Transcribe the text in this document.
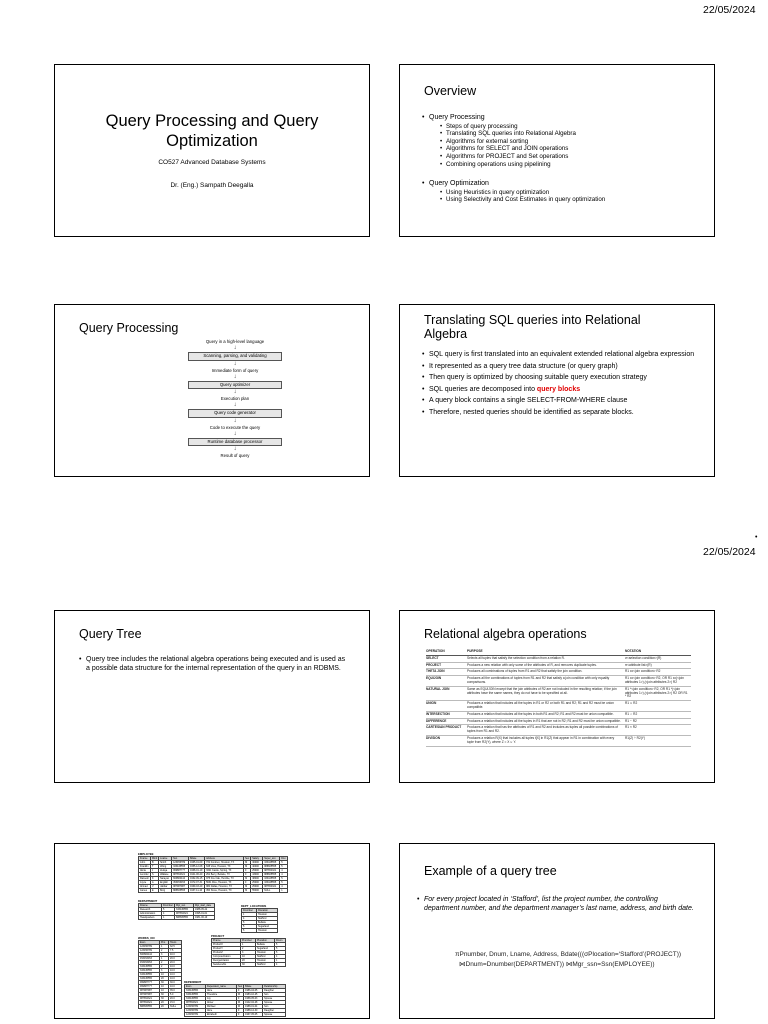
22/05/2024
Query Processing and Query Optimization
CO527 Advanced Database Systems
Dr. (Eng.) Sampath Deegalla
Overview
• Query Processing
• Steps of query processing
• Translating SQL queries into Relational Algebra
• Algorithms for external sorting
• Algorithms for SELECT and JOIN operations
• Algorithms for PROJECT and Set operations
• Combining operations using pipelining
• Query Optimization
• Using Heuristics in query optimization
• Using Selectivity and Cost Estimates in query optimization
Query Processing
Query in a high-level language
↓
Scanning, parsing, and validating
↓
Immediate form of query
↓
Query optimizer
↓
Execution plan
↓
Query code generator
↓
Code to execute the query
↓
Runtime database processor
↓
Result of query
Translating SQL queries into Relational Algebra
• SQL query is first translated into an equivalent extended relational algebra expression
• It represented as a query tree data structure (or query graph)
• Then query is optimized by choosing suitable query execution strategy
• SQL queries are decomposed into query blocks
• A query block contains a single SELECT-FROM-WHERE clause
• Therefore, nested queries should be identified as separate blocks.
•
22/05/2024
Query Tree
• Query tree includes the relational algebra operations being executed and is used as a possible data structure for the internal representation of the query in an RDBMS.
Relational algebra operations
OPERATION	PURPOSE	NOTATION
SELECT	Selects all tuples that satisfy the selection condition from a relation R.	σ<selection condition>(R)
PROJECT	Produces a new relation with only some of the attributes of R, and removes duplicate tuples.	π<attribute list>(R)
THETA JOIN	Produces all combinations of tuples from R1 and R2 that satisfy the join condition.	R1 ⋈<join condition> R2
EQUIJOIN	Produces all the combinations of tuples from R1 and R2 that satisfy a join condition with only equality comparisons.	R1 ⋈<join condition> R2, OR R1 ⋈(<join attributes 1>),(<join attributes 2>) R2
NATURAL JOIN	Same as EQUIJOIN except that the join attributes of R2 are not included in the resulting relation; if the join attributes have the same names, they do not have to be specified at all.	R1 *<join condition> R2, OR R1 *(<join attributes 1>),(<join attributes 2>) R2 OR R1 * R2
UNION	Produces a relation that includes all the tuples in R1 or R2 or both R1 and R2; R1 and R2 must be union compatible.	R1 ∪ R2
INTERSECTION	Produces a relation that includes all the tuples in both R1 and R2; R1 and R2 must be union compatible.	R1 ∩ R2
DIFFERENCE	Produces a relation that includes all the tuples in R1 that are not in R2; R1 and R2 must be union compatible.	R1 − R2
CARTESIAN PRODUCT	Produces a relation that has the attributes of R1 and R2 and includes as tuples all possible combinations of tuples from R1 and R2.	R1 × R2
DIVISION	Produces a relation R(X) that includes all tuples t[X] in R1(Z) that appear in R1 in combination with every tuple from R2(Y), where Z = X ∪ Y.	R1(Z) ÷ R2(Y)
EMPLOYEE
Fname	Minit	Lname	Ssn	Bdate	Address	Sex	Salary	Super_ssn	Dno
John	B	Smith	123456789	1965-01-09	731 Fondren, Houston, TX	M	30000	333445555	5
Franklin	T	Wong	333445555	1955-12-08	638 Voss, Houston, TX	M	40000	888665555	5
Alicia	J	Zelaya	999887777	1968-01-19	3321 Castle, Spring, TX	F	25000	987654321	4
Jennifer	S	Wallace	987654321	1941-06-20	291 Berry, Bellaire, TX	F	43000	888665555	4
Ramesh	K	Narayan	666884444	1962-09-15	975 Fire Oak, Humble, TX	M	38000	333445555	5
Joyce	A	English	453453453	1972-07-31	5631 Rice, Houston, TX	F	25000	333445555	5
Ahmad	V	Jabbar	987987987	1969-03-29	980 Dallas, Houston, TX	M	25000	987654321	4
James	E	Borg	888665555	1937-11-10	450 Stone, Houston, TX	M	55000	NULL	1
DEPARTMENT
Dname	Dnumber	Mgr_ssn	Mgr_start_date
Research	5	333445555	1988-05-22
Administration	4	987654321	1995-01-01
Headquarters	1	888665555	1981-06-19
DEPT_LOCATIONS
Dnumber	Dlocation
1	Houston
4	Stafford
5	Bellaire
5	Sugarland
5	Houston
WORKS_ON
Essn	Pno	Hours
123456789	1	32.5
123456789	2	7.5
666884444	3	40.0
453453453	1	20.0
453453453	2	20.0
333445555	2	10.0
333445555	3	10.0
333445555	10	10.0
333445555	20	10.0
999887777	30	30.0
999887777	10	10.0
987987987	10	35.0
987987987	30	5.0
987654321	30	20.0
987654321	20	15.0
888665555	20	NULL
PROJECT
Pname	Pnumber	Plocation	Dnum
ProductX	1	Bellaire	5
ProductY	2	Sugarland	5
ProductZ	3	Houston	5
Computerization	10	Stafford	4
Reorganization	20	Houston	1
Newbenefits	30	Stafford	4
DEPENDENT
Essn	Dependent_name	Sex	Bdate	Relationship
333445555	Alice	F	1986-04-05	Daughter
333445555	Theodore	M	1983-10-25	Son
333445555	Joy	F	1958-05-03	Spouse
987654321	Abner	M	1942-02-28	Spouse
123456789	Michael	M	1988-01-04	Son
123456789	Alice	F	1988-12-30	Daughter
123456789	Elizabeth	F	1967-05-05	Spouse
Example of a query tree
• For every project located in ‘Stafford’, list the project number, the controlling department number, and the department manager’s last name, address, and birth date.
πPnumber, Dnum, Lname, Address, Bdate(((σPlocation=‘Stafford’(PROJECT))
⋈Dnum=Dnumber(DEPARTMENT)) ⋈Mgr_ssn=Ssn(EMPLOYEE))
